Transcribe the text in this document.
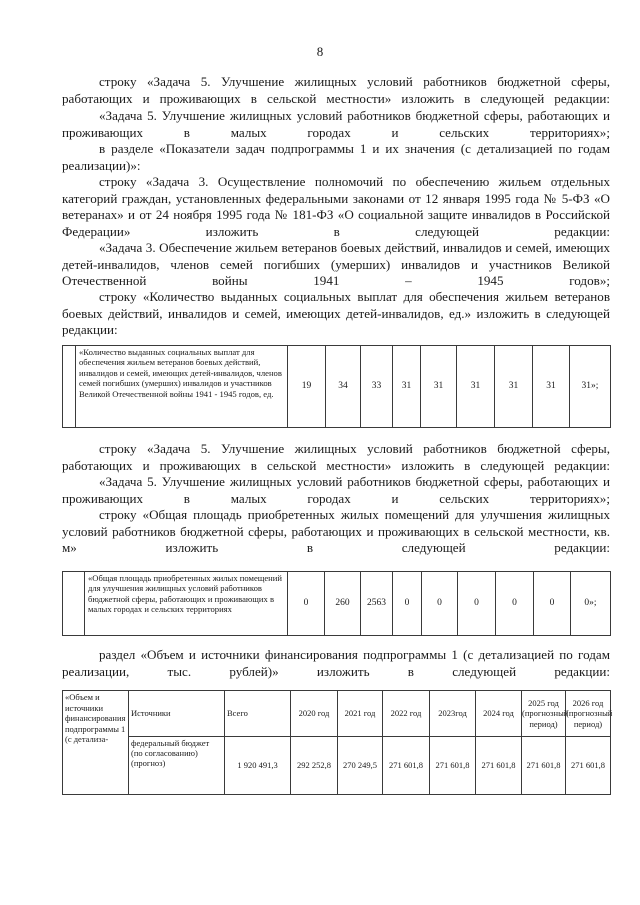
8

строку «Задача 5. Улучшение жилищных условий работников бюджетной сферы, работающих и проживающих в сельской местности» изложить в следующей редакции:

«Задача 5. Улучшение жилищных условий работников бюджетной сферы, работающих и проживающих в малых городах и сельских территориях»;

в разделе «Показатели задач подпрограммы 1 и их значения (с детализацией по годам реализации)»:

строку «Задача 3. Осуществление полномочий по обеспечению жильем отдельных категорий граждан, установленных федеральными законами от 12 января 1995 года № 5-ФЗ «О ветеранах» и от 24 ноября 1995 года № 181-ФЗ «О социальной защите инвалидов в Российской Федерации» изложить в следующей редакции:

«Задача 3. Обеспечение жильем ветеранов боевых действий, инвалидов и семей, имеющих детей-инвалидов, членов семей погибших (умерших) инвалидов и участников Великой Отечественной войны 1941 – 1945 годов»;

строку «Количество выданных социальных выплат для обеспечения жильем ветеранов боевых действий, инвалидов и семей, имеющих детей-инвалидов, ед.» изложить в следующей редакции:

	«Количество выданных социальных выплат для обеспечения жильем ветеранов боевых действий, инвалидов и семей, имеющих детей-инвалидов, членов семей погибших (умерших) инвалидов и участников Великой Отечественной войны 1941 - 1945 годов, ед.	19	34	33	31	31	31	31	31	31»;

строку «Задача 5. Улучшение жилищных условий работников бюджетной сферы, работающих и проживающих в сельской местности» изложить в следующей редакции:

«Задача 5. Улучшение жилищных условий работников бюджетной сферы, работающих и проживающих в малых городах и сельских территориях»;

строку «Общая площадь приобретенных жилых помещений для улучшения жилищных условий работников бюджетной сферы, работающих и проживающих в сельской местности, кв. м» изложить в следующей редакции:

	«Общая площадь приобретенных жилых помещений для улучшения жилищных условий работников бюджетной сферы, работающих и проживающих в малых городах и сельских территориях	0	260	2563	0	0	0	0	0	0»;

раздел «Объем и источники финансирования подпрограммы 1 (с детализацией по годам реализации, тыс. рублей)» изложить в следующей редакции:

«Объем и источники финансирования подпрограммы 1 (с детализа-	Источники	Всего	2020 год	2021 год	2022 год	2023год	2024 год	2025 год (прогнозный период)	2026 год (прогнозный период)
	федеральный бюджет (по согласованию) (прогноз)	1 920 491,3	292 252,8	270 249,5	271 601,8	271 601,8	271 601,8	271 601,8	271 601,8
